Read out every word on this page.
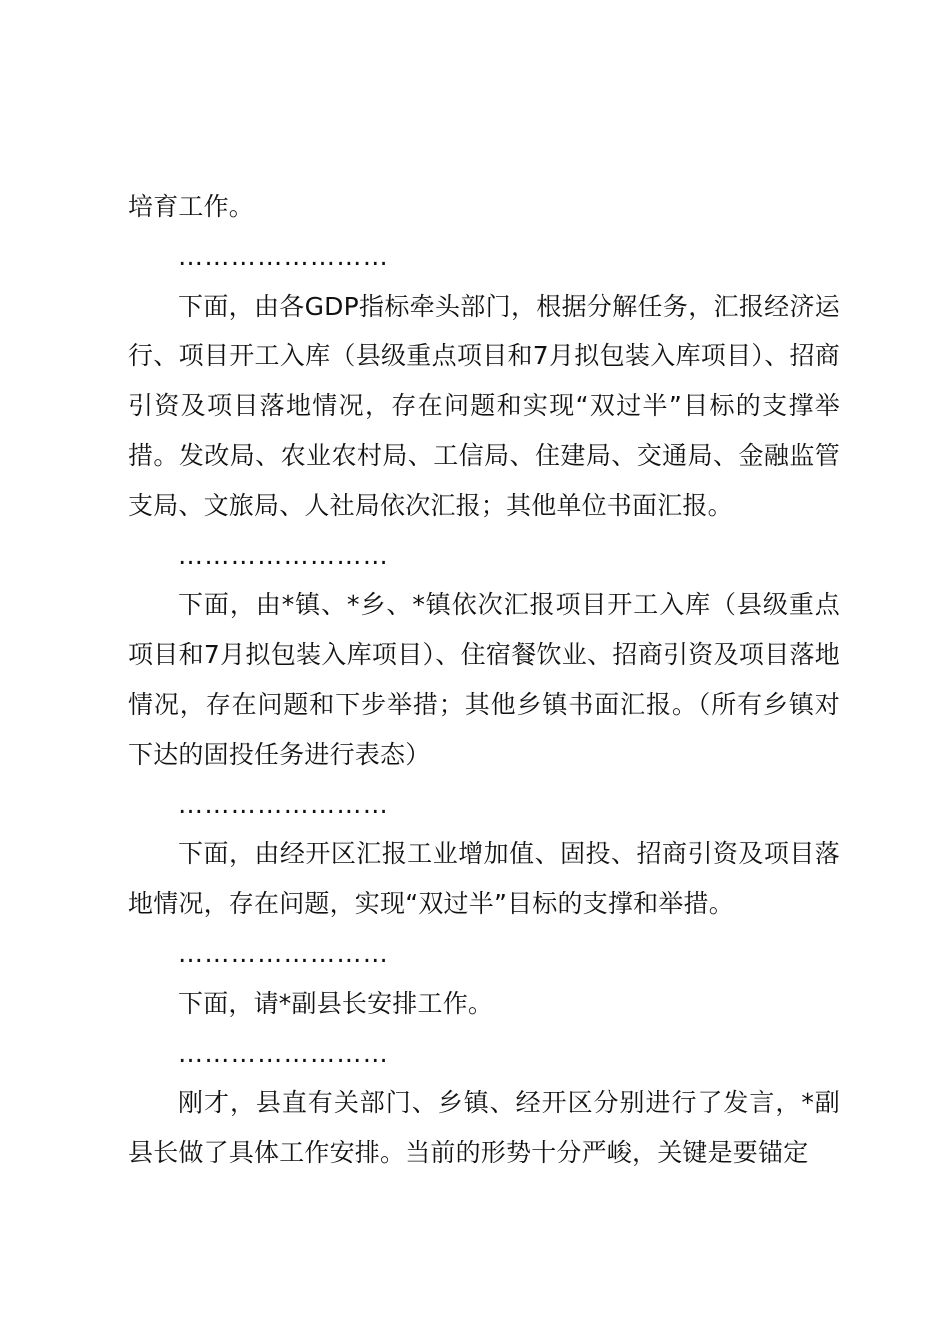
培育工作。

……………………

下面，由各GDP指标牵头部门，根据分解任务，汇报经济运行、项目开工入库（县级重点项目和7月拟包装入库项目）、招商引资及项目落地情况，存在问题和实现“双过半”目标的支撑举措。发改局、农业农村局、工信局、住建局、交通局、金融监管支局、文旅局、人社局依次汇报；其他单位书面汇报。

……………………

下面，由*镇、*乡、*镇依次汇报项目开工入库（县级重点项目和7月拟包装入库项目）、住宿餐饮业、招商引资及项目落地情况，存在问题和下步举措；其他乡镇书面汇报。（所有乡镇对下达的固投任务进行表态）

……………………

下面，由经开区汇报工业增加值、固投、招商引资及项目落地情况，存在问题，实现“双过半”目标的支撑和举措。

……………………

下面，请*副县长安排工作。

……………………

刚才，县直有关部门、乡镇、经开区分别进行了发言，*副县长做了具体工作安排。当前的形势十分严峻，关键是要锚定
